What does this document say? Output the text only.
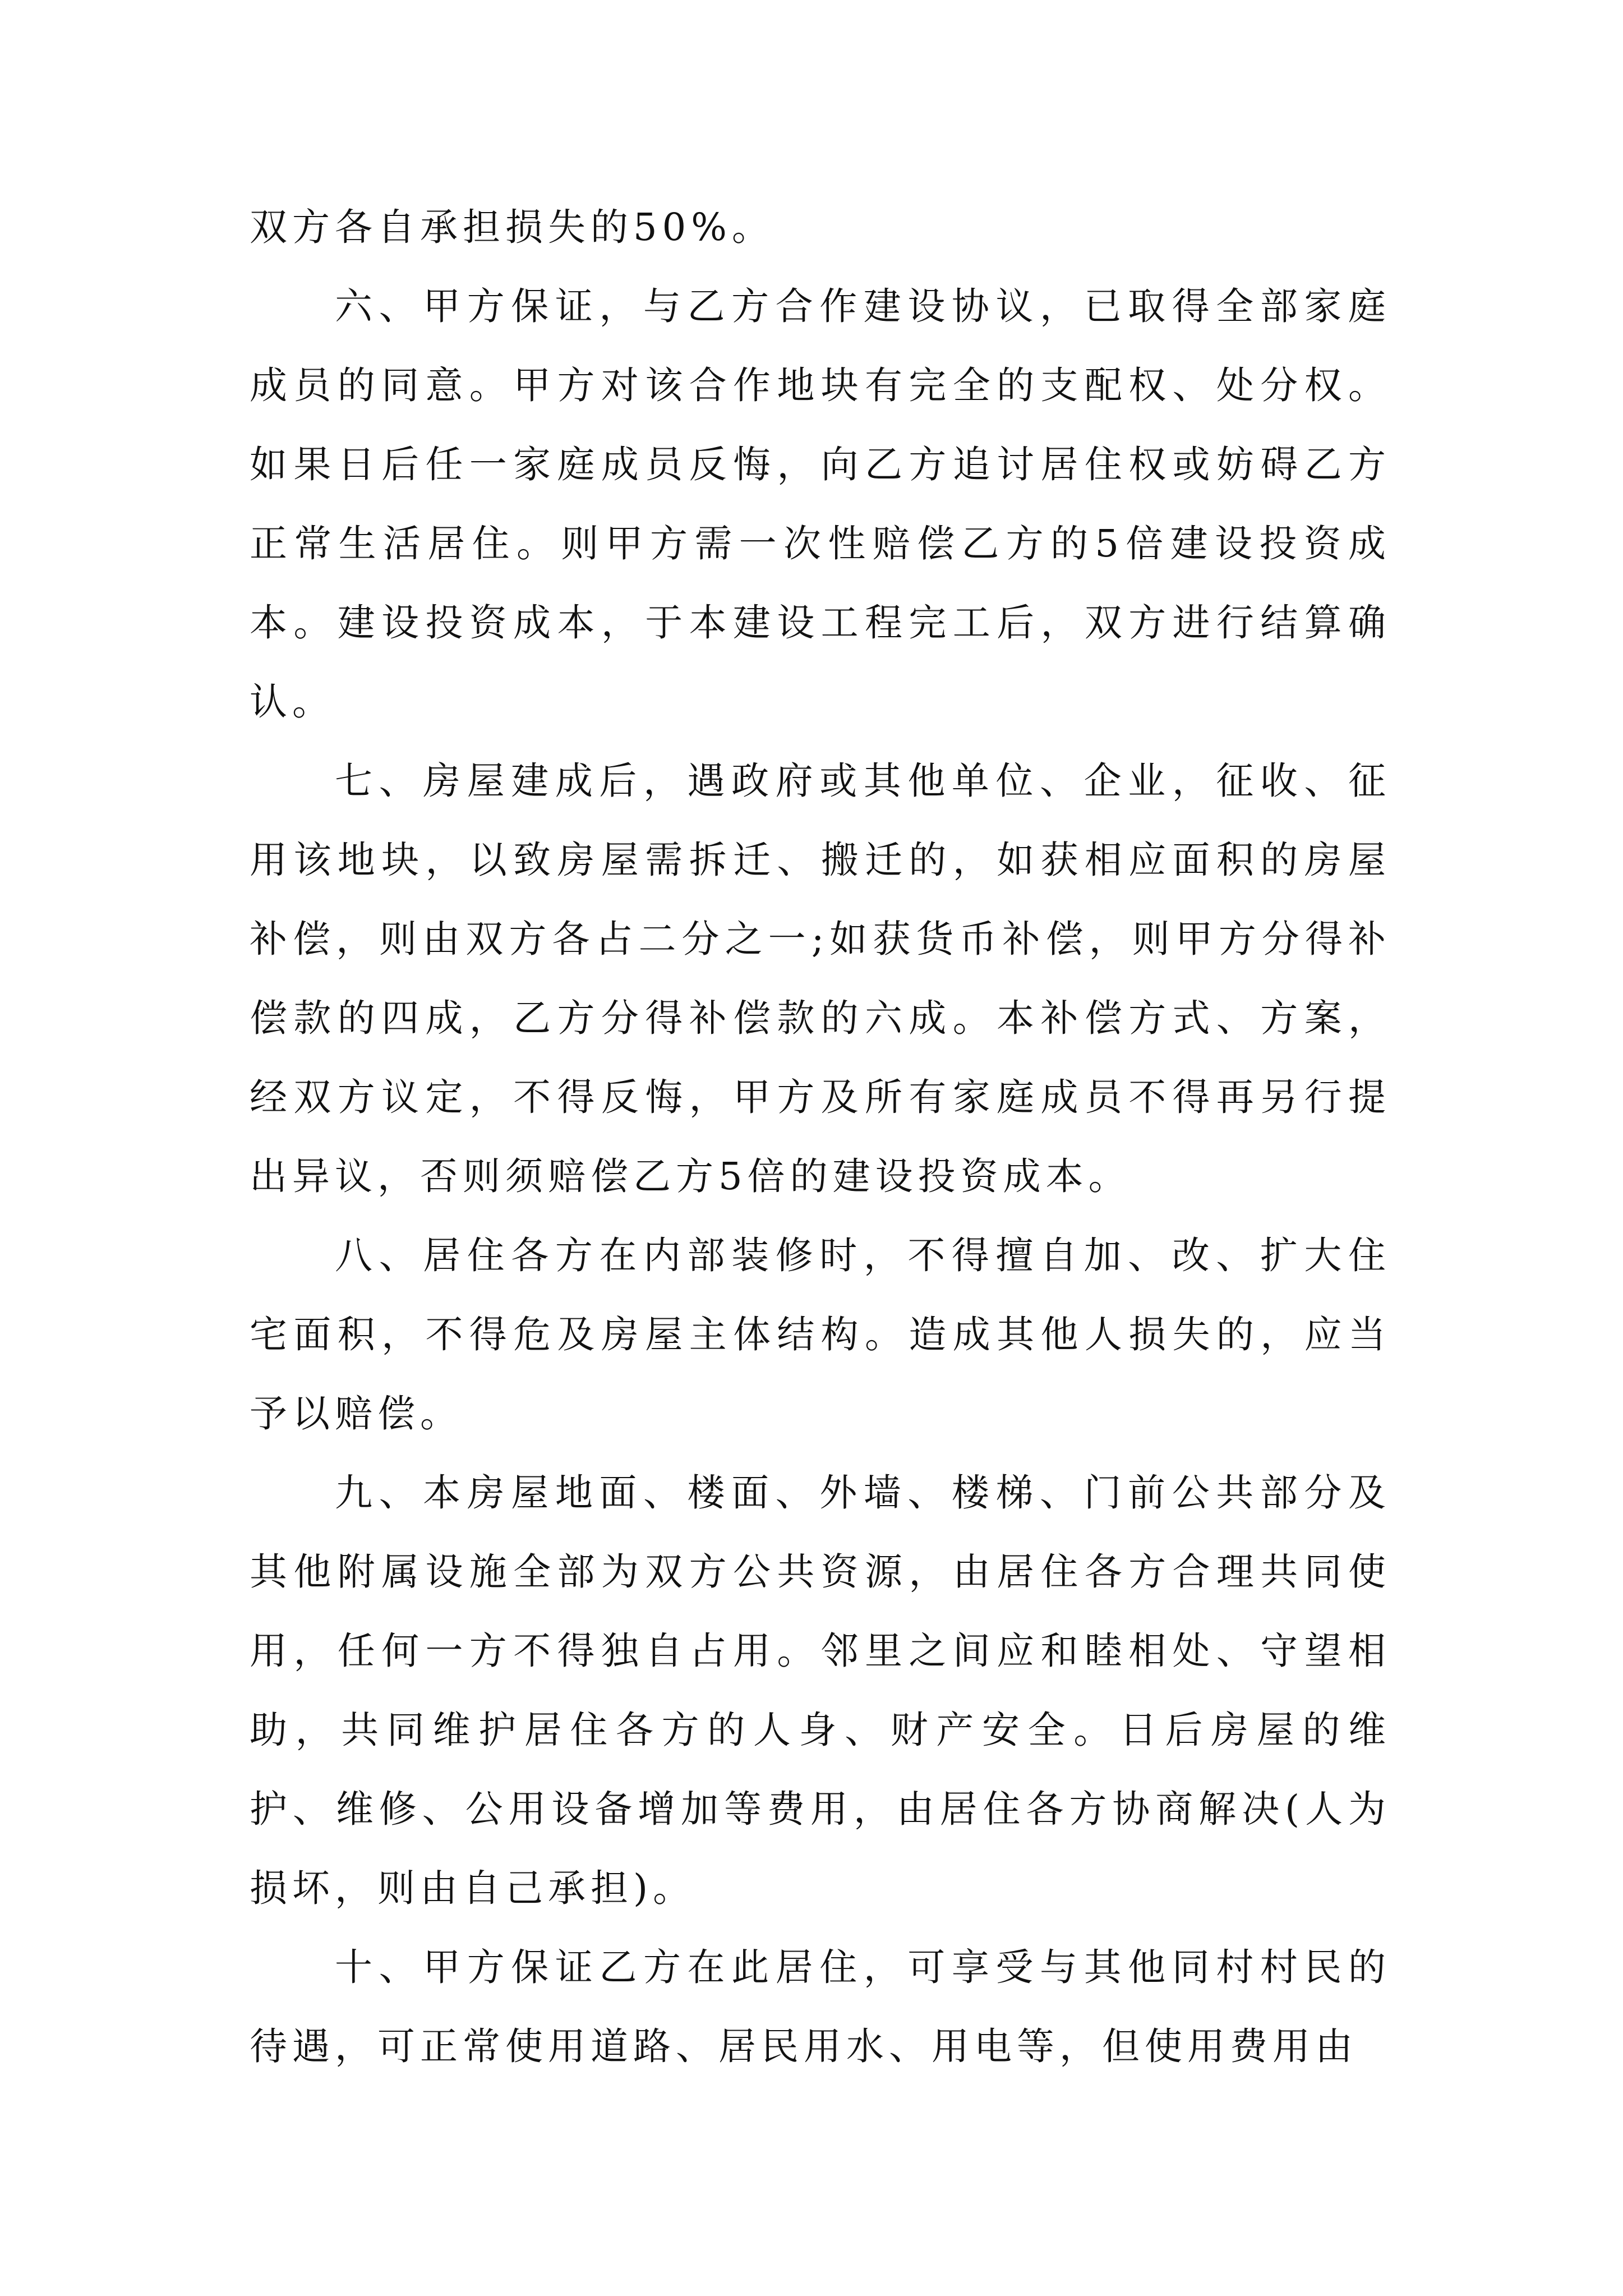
双方各自承担损失的50%。

六、甲方保证，与乙方合作建设协议，已取得全部家庭成员的同意。甲方对该合作地块有完全的支配权、处分权。如果日后任一家庭成员反悔，向乙方追讨居住权或妨碍乙方正常生活居住。则甲方需一次性赔偿乙方的5倍建设投资成本。建设投资成本，于本建设工程完工后，双方进行结算确认。

七、房屋建成后，遇政府或其他单位、企业，征收、征用该地块，以致房屋需拆迁、搬迁的，如获相应面积的房屋补偿，则由双方各占二分之一;如获货币补偿，则甲方分得补偿款的四成，乙方分得补偿款的六成。本补偿方式、方案，经双方议定，不得反悔，甲方及所有家庭成员不得再另行提出异议，否则须赔偿乙方5倍的建设投资成本。

八、居住各方在内部装修时，不得擅自加、改、扩大住宅面积，不得危及房屋主体结构。造成其他人损失的，应当予以赔偿。

九、本房屋地面、楼面、外墙、楼梯、门前公共部分及其他附属设施全部为双方公共资源，由居住各方合理共同使用，任何一方不得独自占用。邻里之间应和睦相处、守望相助，共同维护居住各方的人身、财产安全。日后房屋的维护、维修、公用设备增加等费用，由居住各方协商解决(人为损坏，则由自己承担)。

十、甲方保证乙方在此居住，可享受与其他同村村民的待遇，可正常使用道路、居民用水、用电等，但使用费用由
